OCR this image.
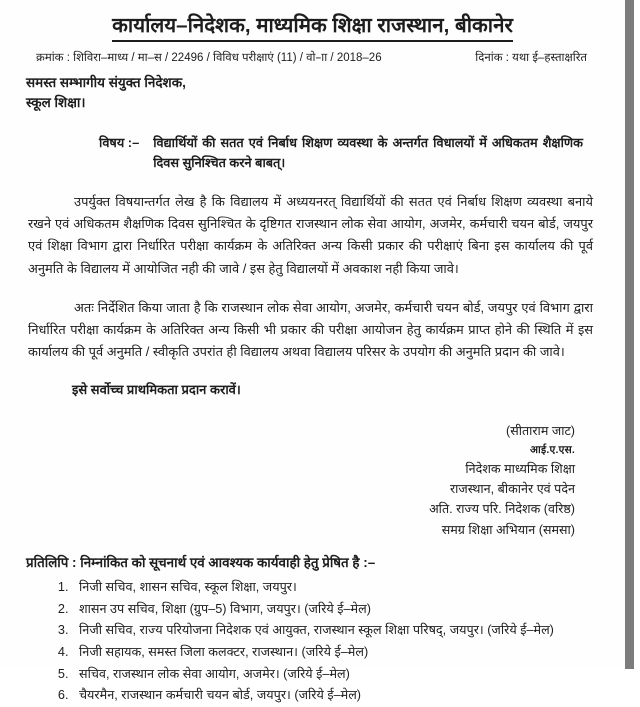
कार्यालय–निदेशक, माध्यमिक शिक्षा राजस्थान, बीकानेर
क्रमांक : शिविरा–माध्य / मा–स / 22496 / विविध परीक्षाएं (11) / वो–ाा / 2018–26	दिनांक : यथा ई–हस्ताक्षरित
समस्त सम्भागीय संयुक्त निदेशक,
स्कूल शिक्षा।
विषय :–	विद्यार्थियों की सतत एवं निर्बाध शिक्षण व्यवस्था के अन्तर्गत विधालयों में अधिकतम शैक्षणिक दिवस सुनिश्चित करने बाबत्।

उपर्युक्त विषयान्तर्गत लेख है कि विद्यालय में अध्ययनरत् विद्यार्थियों की सतत एवं निर्बाध शिक्षण व्यवस्था बनाये रखने एवं अधिकतम शैक्षणिक दिवस सुनिश्चित के दृष्टिगत राजस्थान लोक सेवा आयोग, अजमेर, कर्मचारी चयन बोर्ड, जयपुर एवं शिक्षा विभाग द्वारा निर्धारित परीक्षा कार्यक्रम के अतिरिक्त अन्य किसी प्रकार की परीक्षाएं बिना इस कार्यालय की पूर्व अनुमति के विद्यालय में आयोजित नही की जावे / इस हेतु विद्यालयों में अवकाश नही किया जावे।

अतः निर्देशित किया जाता है कि राजस्थान लोक सेवा आयोग, अजमेर, कर्मचारी चयन बोर्ड, जयपुर एवं विभाग द्वारा निर्धारित परीक्षा कार्यक्रम के अतिरिक्त अन्य किसी भी प्रकार की परीक्षा आयोजन हेतु कार्यक्रम प्राप्त होने की स्थिति में इस कार्यालय की पूर्व अनुमति / स्वीकृति उपरांत ही विद्यालय अथवा विद्यालय परिसर के उपयोग की अनुमति प्रदान की जावे।

इसे सर्वोच्च प्राथमिकता प्रदान करावें।
(सीताराम जाट)
आई.ए.एस.
निदेशक माध्यमिक शिक्षा
राजस्थान, बीकानेर एवं पदेन
अति. राज्य परि. निदेशक (वरिष्ठ)
समग्र शिक्षा अभियान (समसा)
प्रतिलिपि : निम्नांकित को सूचनार्थ एवं आवश्यक कार्यवाही हेतु प्रेषित है :–
1. निजी सचिव, शासन सचिव, स्कूल शिक्षा, जयपुर।
2. शासन उप सचिव, शिक्षा (ग्रुप–5) विभाग, जयपुर। (जरिये ई–मेल)
3. निजी सचिव, राज्य परियोजना निदेशक एवं आयुक्त, राजस्थान स्कूल शिक्षा परिषद्, जयपुर। (जरिये ई–मेल)
4. निजी सहायक, समस्त जिला कलक्टर, राजस्थान। (जरिये ई–मेल)
5. सचिव, राजस्थान लोक सेवा आयोग, अजमेर। (जरिये ई–मेल)
6. चैयरमैन, राजस्थान कर्मचारी चयन बोर्ड, जयपुर। (जरिये ई–मेल)
